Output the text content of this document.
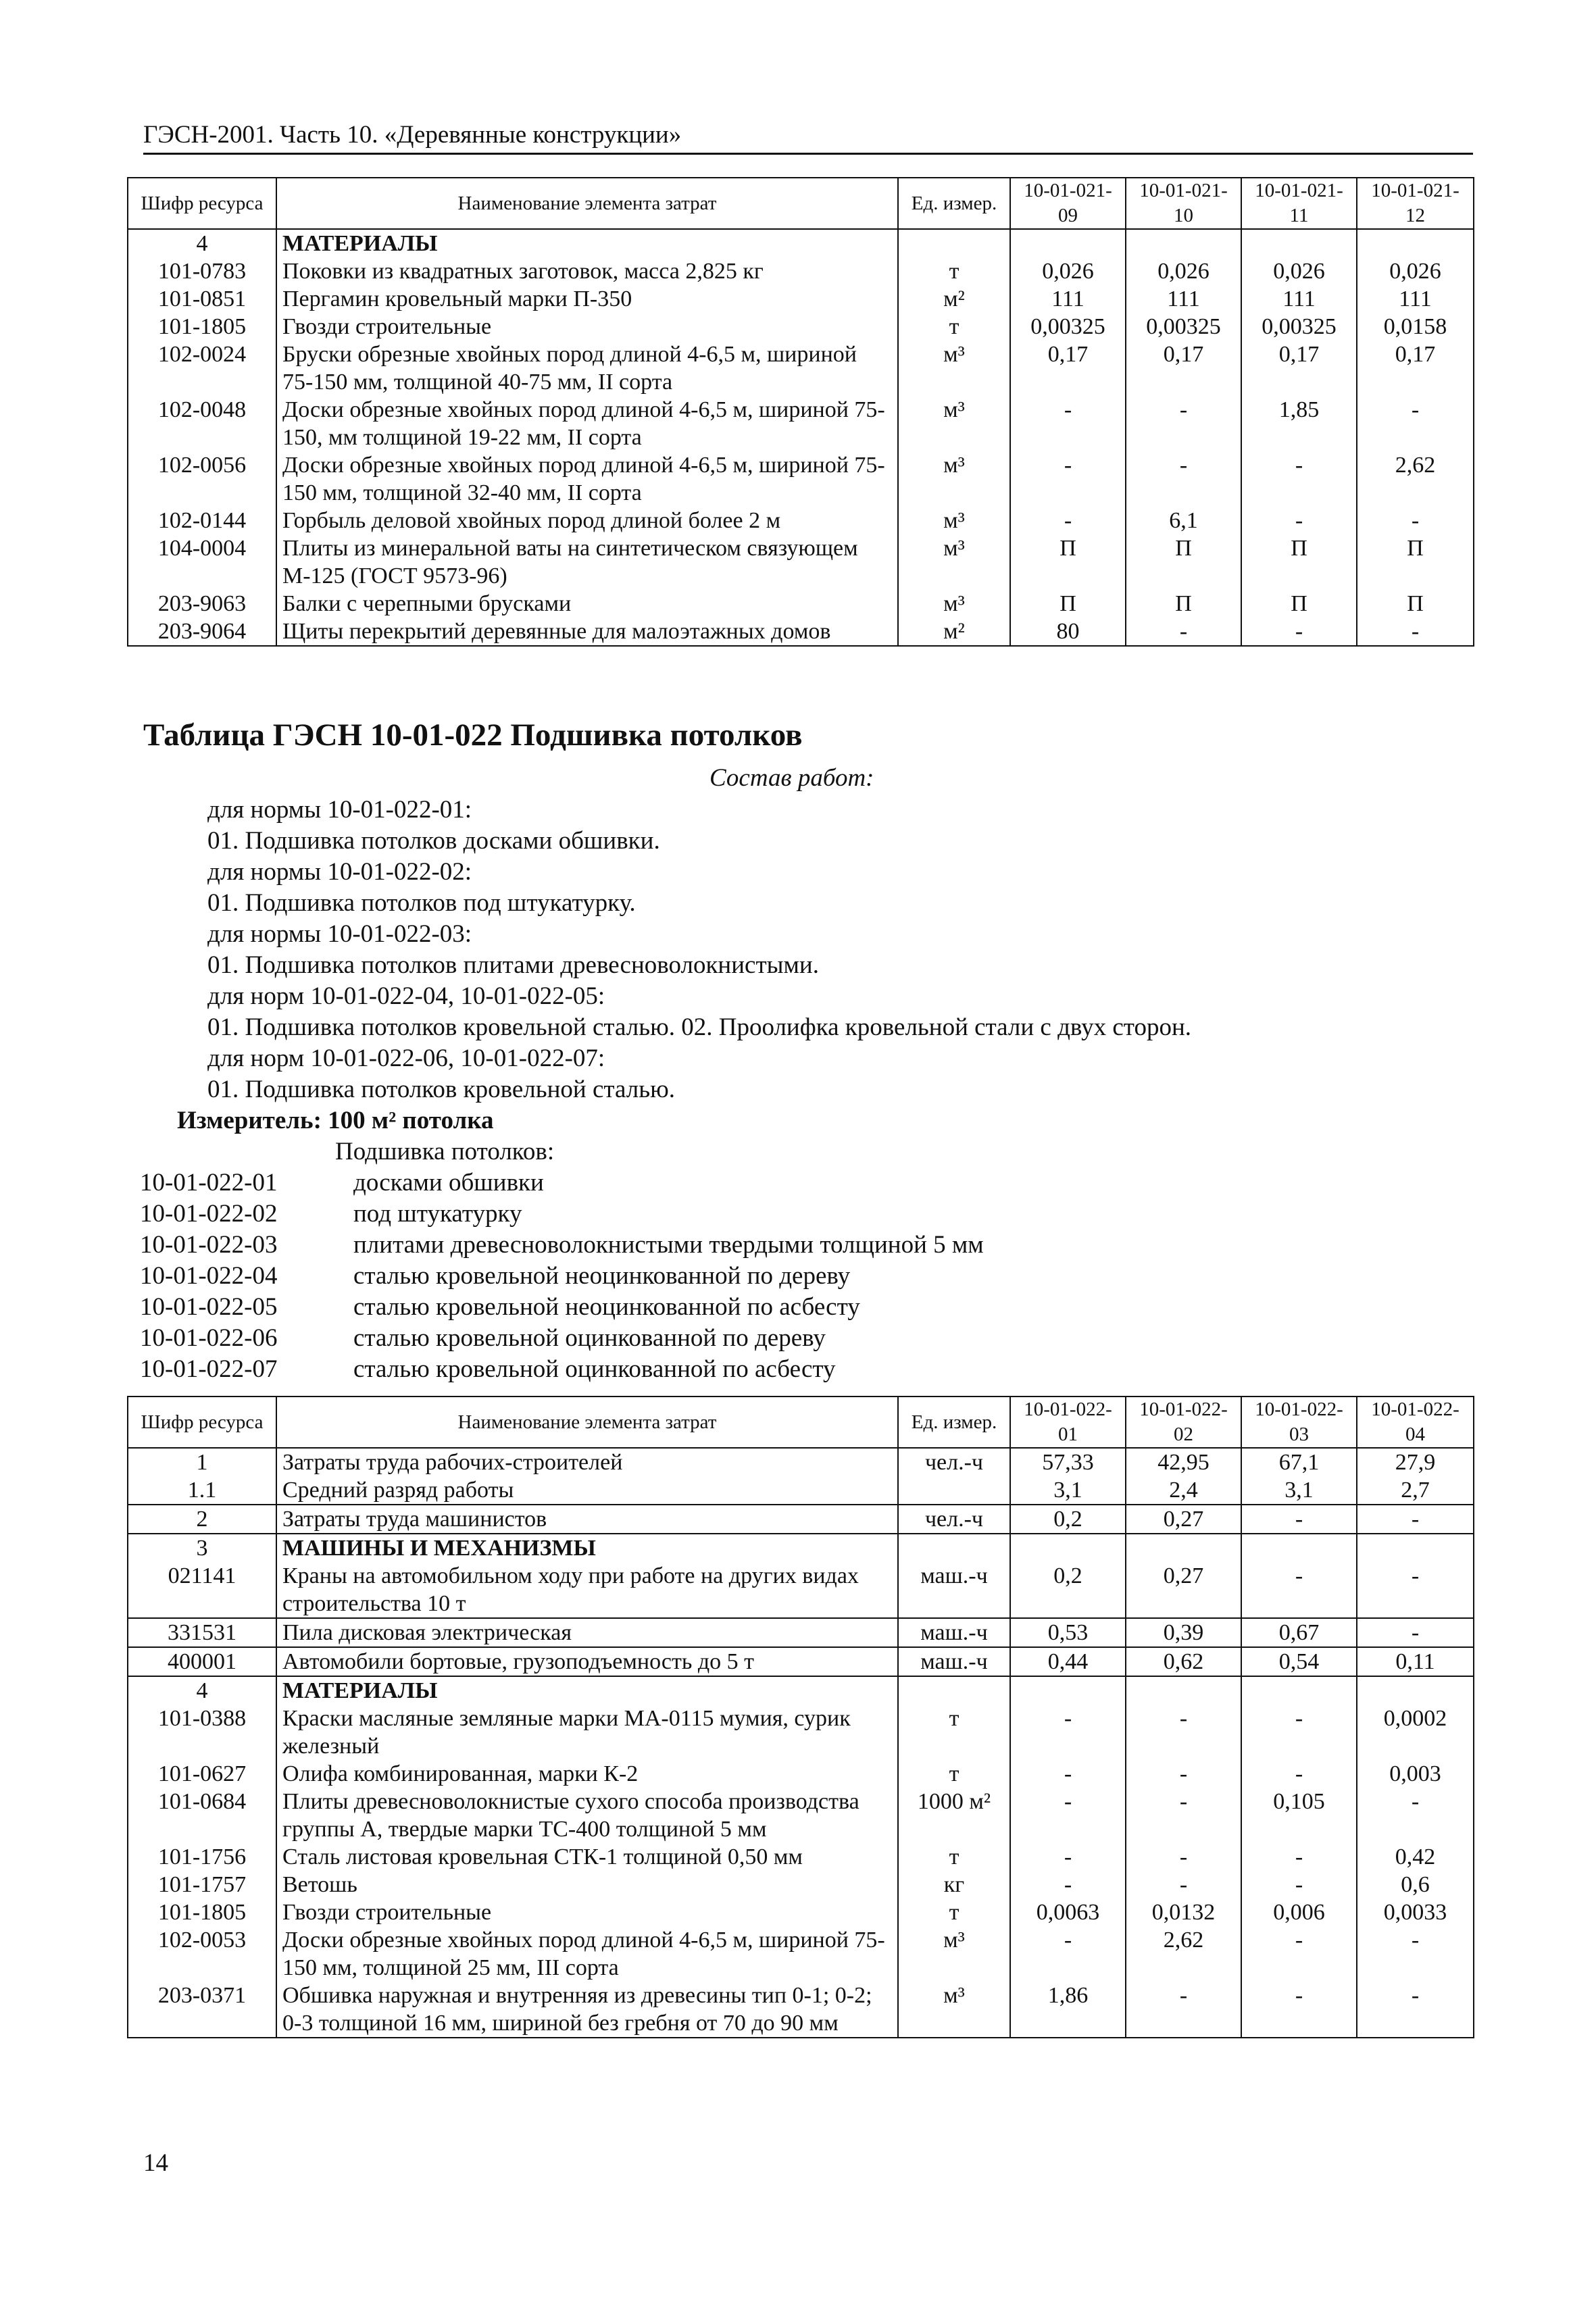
ГЭСН-2001. Часть 10. «Деревянные конструкции»
Шифр ресурса	Наименование элемента затрат	Ед. измер.	10-01-021-09	10-01-021-10	10-01-021-11	10-01-021-12
4	МАТЕРИАЛЫ					
101-0783	Поковки из квадратных заготовок, масса 2,825 кг	т	0,026	0,026	0,026	0,026
101-0851	Пергамин кровельный марки П-350	м²	111	111	111	111
101-1805	Гвозди строительные	т	0,00325	0,00325	0,00325	0,0158
102-0024	Бруски обрезные хвойных пород длиной 4-6,5 м, шириной 75-150 мм, толщиной 40-75 мм, II сорта	м³	0,17	0,17	0,17	0,17
102-0048	Доски обрезные хвойных пород длиной 4-6,5 м, шириной 75-150, мм толщиной 19-22 мм, II сорта	м³	-	-	1,85	-
102-0056	Доски обрезные хвойных пород длиной 4-6,5 м, шириной 75-150 мм, толщиной 32-40 мм, II сорта	м³	-	-	-	2,62
102-0144	Горбыль деловой хвойных пород длиной более 2 м	м³	-	6,1	-	-
104-0004	Плиты из минеральной ваты на синтетическом связующем М-125 (ГОСТ 9573-96)	м³	П	П	П	П
203-9063	Балки с черепными брусками	м³	П	П	П	П
203-9064	Щиты перекрытий деревянные для малоэтажных домов	м²	80	-	-	-
Таблица ГЭСН 10-01-022 Подшивка потолков
Состав работ:
для нормы 10-01-022-01:
01. Подшивка потолков досками обшивки.
для нормы 10-01-022-02:
01. Подшивка потолков под штукатурку.
для нормы 10-01-022-03:
01. Подшивка потолков плитами древесноволокнистыми.
для норм 10-01-022-04, 10-01-022-05:
01. Подшивка потолков кровельной сталью. 02. Проолифка кровельной стали с двух сторон.
для норм 10-01-022-06, 10-01-022-07:
01. Подшивка потолков кровельной сталью.
Измеритель: 100 м² потолка
Подшивка потолков:
10-01-022-01	досками обшивки
10-01-022-02	под штукатурку
10-01-022-03	плитами древесноволокнистыми твердыми толщиной 5 мм
10-01-022-04	сталью кровельной неоцинкованной по дереву
10-01-022-05	сталью кровельной неоцинкованной по асбесту
10-01-022-06	сталью кровельной оцинкованной по дереву
10-01-022-07	сталью кровельной оцинкованной по асбесту
Шифр ресурса	Наименование элемента затрат	Ед. измер.	10-01-022-01	10-01-022-02	10-01-022-03	10-01-022-04
1	Затраты труда рабочих-строителей	чел.-ч	57,33	42,95	67,1	27,9
1.1	Средний разряд работы		3,1	2,4	3,1	2,7
2	Затраты труда машинистов	чел.-ч	0,2	0,27	-	-
3	МАШИНЫ И МЕХАНИЗМЫ					
021141	Краны на автомобильном ходу при работе на других видах строительства 10 т	маш.-ч	0,2	0,27	-	-
331531	Пила дисковая электрическая	маш.-ч	0,53	0,39	0,67	-
400001	Автомобили бортовые, грузоподъемность до 5 т	маш.-ч	0,44	0,62	0,54	0,11
4	МАТЕРИАЛЫ					
101-0388	Краски масляные земляные марки МА-0115 мумия, сурик железный	т	-	-	-	0,0002
101-0627	Олифа комбинированная, марки К-2	т	-	-	-	0,003
101-0684	Плиты древесноволокнистые сухого способа производства группы А, твердые марки ТС-400 толщиной 5 мм	1000 м²	-	-	0,105	-
101-1756	Сталь листовая кровельная СТК-1 толщиной 0,50 мм	т	-	-	-	0,42
101-1757	Ветошь	кг	-	-	-	0,6
101-1805	Гвозди строительные	т	0,0063	0,0132	0,006	0,0033
102-0053	Доски обрезные хвойных пород длиной 4-6,5 м, шириной 75-150 мм, толщиной 25 мм, III сорта	м³	-	2,62	-	-
203-0371	Обшивка наружная и внутренняя из древесины тип 0-1; 0-2; 0-3 толщиной 16 мм, шириной без гребня от 70 до 90 мм	м³	1,86	-	-	-
14
